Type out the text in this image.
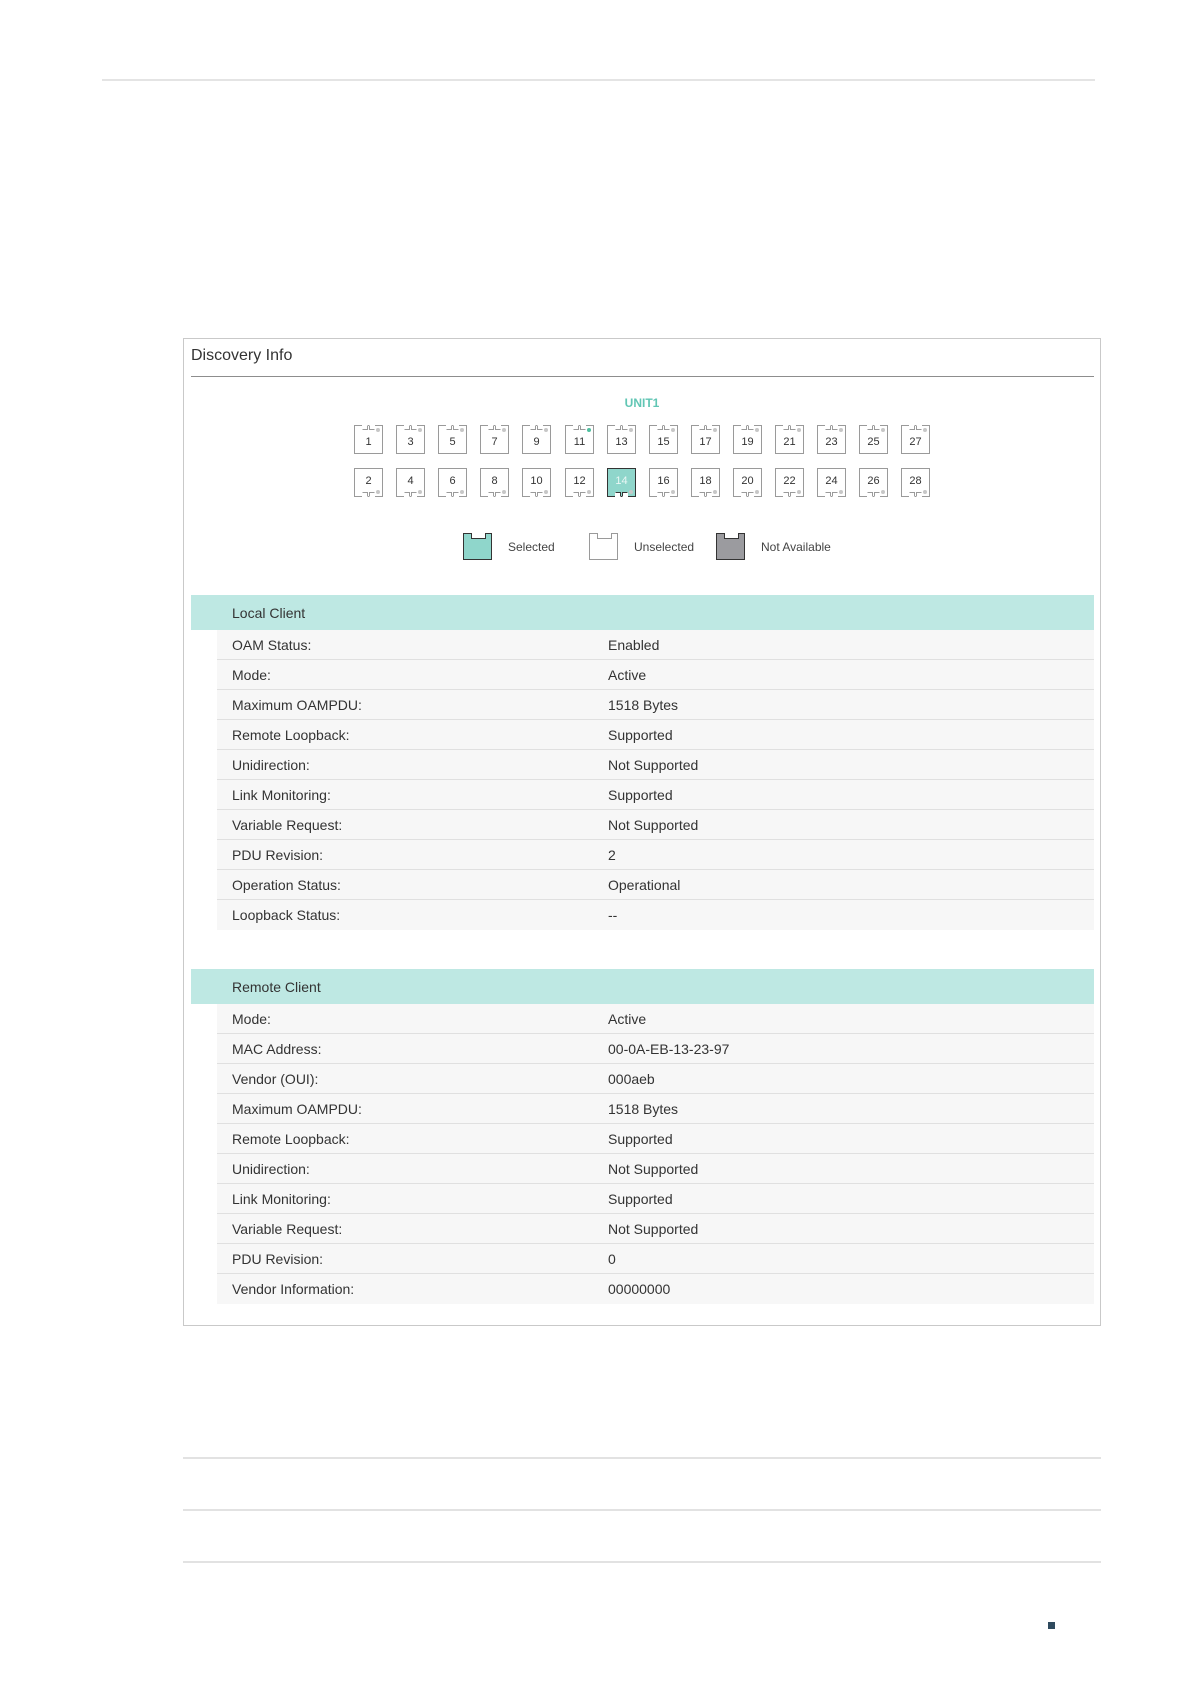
Discovery Info
UNIT1
1	3	5	7	9	11	13	15	17	19	21	23	25	27
2	4	6	8	10	12	14	16	18	20	22	24	26	28
Selected	Unselected	Not Available
Local Client
OAM Status:	Enabled
Mode:	Active
Maximum OAMPDU:	1518 Bytes
Remote Loopback:	Supported
Unidirection:	Not Supported
Link Monitoring:	Supported
Variable Request:	Not Supported
PDU Revision:	2
Operation Status:	Operational
Loopback Status:	--
Remote Client
Mode:	Active
MAC Address:	00-0A-EB-13-23-97
Vendor (OUI):	000aeb
Maximum OAMPDU:	1518 Bytes
Remote Loopback:	Supported
Unidirection:	Not Supported
Link Monitoring:	Supported
Variable Request:	Not Supported
PDU Revision:	0
Vendor Information:	00000000
